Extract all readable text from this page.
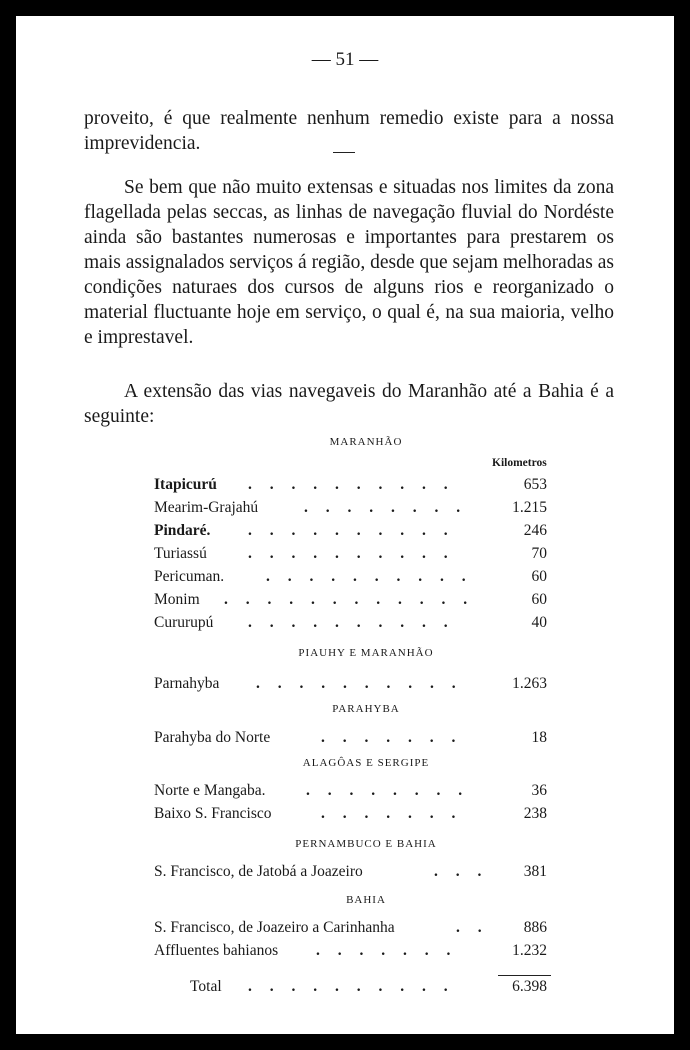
— 51 —

proveito, é que realmente nenhum remedio existe para a nossa imprevidencia.

Se bem que não muito extensas e situadas nos limites da zona flagellada pelas seccas, as linhas de navegação fluvial do Nordéste ainda são bastantes numerosas e importantes para prestarem os mais assignalados serviços á região, desde que sejam melhoradas as condições naturaes dos cursos de alguns rios e reorganizado o material fluctuante hoje em serviço, o qual é, na sua maioria, velho e imprestavel.

A extensão das vias navegaveis do Maranhão até a Bahia é a seguinte:

MARANHÃO
Kilometros
Itapicurú . . . . . . . . . .	653
Mearim-Grajahú	. . . . . . . .	1.215
Pindaré. . . . . . . . . . .	246
Turiassú	. . . . . . . . . .	70
Pericuman.	. . . . . . . . . .	60
Monim . . . . . . . . . . . .	60
Cururupú . . . . . . . . . .	40
PIAUHY E MARANHÃO
Parnahyba . . . . . . . . . .	1.263
PARAHYBA
Parahyba do Norte	. . . . . . .	18
ALAGÔAS E SERGIPE
Norte e Mangaba.	. . . . . . . .	36
Baixo S. Francisco	. . . . . . .	238
PERNAMBUCO E BAHIA
S. Francisco, de Jatobá a Joazeiro	. . . 381
BAHIA
S. Francisco, de Joazeiro a Carinhanha	. . 886
Affluentes bahianos . . . . . . .	1.232
Total . . . . . . . . . .	6.398
